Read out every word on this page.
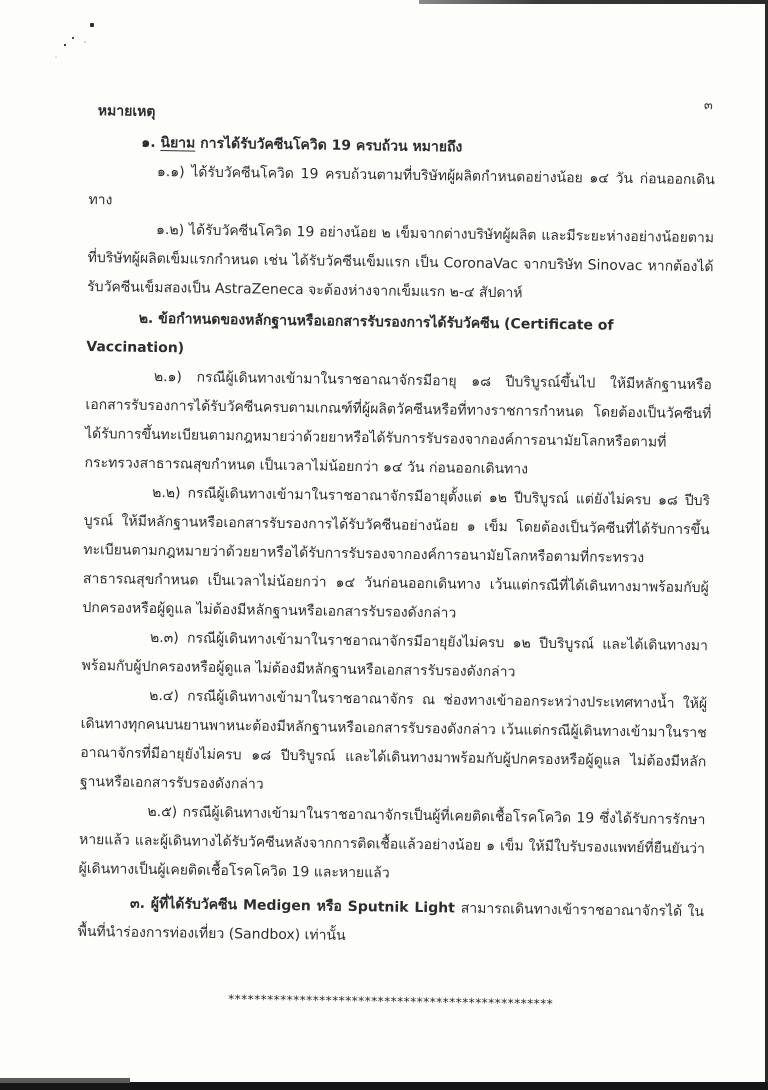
๓

หมายเหตุ

๑. นิยาม การได้รับวัคซีนโควิด 19 ครบถ้วน หมายถึง

๑.๑) ได้รับวัคซีนโควิด 19 ครบถ้วนตามที่บริษัทผู้ผลิตกำหนดอย่างน้อย ๑๔ วัน ก่อนออกเดินทาง

๑.๒) ได้รับวัคซีนโควิด 19 อย่างน้อย ๒ เข็มจากต่างบริษัทผู้ผลิต และมีระยะห่างอย่างน้อยตามที่บริษัทผู้ผลิตเข็มแรกกำหนด เช่น ได้รับวัคซีนเข็มแรก เป็น CoronaVac จากบริษัท Sinovac หากต้องได้รับวัคซีนเข็มสองเป็น AstraZeneca จะต้องห่างจากเข็มแรก ๒-๔ สัปดาห์

๒. ข้อกำหนดของหลักฐานหรือเอกสารรับรองการได้รับวัคซีน (Certificate of Vaccination)

๒.๑) กรณีผู้เดินทางเข้ามาในราชอาณาจักรมีอายุ ๑๘ ปีบริบูรณ์ขึ้นไป ให้มีหลักฐานหรือเอกสารรับรองการได้รับวัคซีนครบตามเกณฑ์ที่ผู้ผลิตวัคซีนหรือที่ทางราชการกำหนด โดยต้องเป็นวัคซีนที่ได้รับการขึ้นทะเบียนตามกฎหมายว่าด้วยยาหรือได้รับการรับรองจากองค์การอนามัยโลกหรือตามที่กระทรวงสาธารณสุขกำหนด เป็นเวลาไม่น้อยกว่า ๑๔ วัน ก่อนออกเดินทาง

๒.๒) กรณีผู้เดินทางเข้ามาในราชอาณาจักรมีอายุตั้งแต่ ๑๒ ปีบริบูรณ์ แต่ยังไม่ครบ ๑๘ ปีบริบูรณ์ ให้มีหลักฐานหรือเอกสารรับรองการได้รับวัคซีนอย่างน้อย ๑ เข็ม โดยต้องเป็นวัคซีนที่ได้รับการขึ้นทะเบียนตามกฎหมายว่าด้วยยาหรือได้รับการรับรองจากองค์การอนามัยโลกหรือตามที่กระทรวงสาธารณสุขกำหนด เป็นเวลาไม่น้อยกว่า ๑๔ วันก่อนออกเดินทาง เว้นแต่กรณีที่ได้เดินทางมาพร้อมกับผู้ปกครองหรือผู้ดูแล ไม่ต้องมีหลักฐานหรือเอกสารรับรองดังกล่าว

๒.๓) กรณีผู้เดินทางเข้ามาในราชอาณาจักรมีอายุยังไม่ครบ ๑๒ ปีบริบูรณ์ และได้เดินทางมาพร้อมกับผู้ปกครองหรือผู้ดูแล ไม่ต้องมีหลักฐานหรือเอกสารรับรองดังกล่าว

๒.๔) กรณีผู้เดินทางเข้ามาในราชอาณาจักร ณ ช่องทางเข้าออกระหว่างประเทศทางน้ำ ให้ผู้เดินทางทุกคนบนยานพาหนะต้องมีหลักฐานหรือเอกสารรับรองดังกล่าว เว้นแต่กรณีผู้เดินทางเข้ามาในราชอาณาจักรที่มีอายุยังไม่ครบ ๑๘ ปีบริบูรณ์ และได้เดินทางมาพร้อมกับผู้ปกครองหรือผู้ดูแล ไม่ต้องมีหลักฐานหรือเอกสารรับรองดังกล่าว

๒.๕) กรณีผู้เดินทางเข้ามาในราชอาณาจักรเป็นผู้ที่เคยติดเชื้อโรคโควิด 19 ซึ่งได้รับการรักษาหายแล้ว และผู้เดินทางได้รับวัคซีนหลังจากการติดเชื้อแล้วอย่างน้อย ๑ เข็ม ให้มีใบรับรองแพทย์ที่ยืนยันว่าผู้เดินทางเป็นผู้เคยติดเชื้อโรคโควิด 19 และหายแล้ว

๓. ผู้ที่ได้รับวัคซีน Medigen หรือ Sputnik Light สามารถเดินทางเข้าราชอาณาจักรได้ ในพื้นที่นำร่องการท่องเที่ยว (Sandbox) เท่านั้น

**************************************************
